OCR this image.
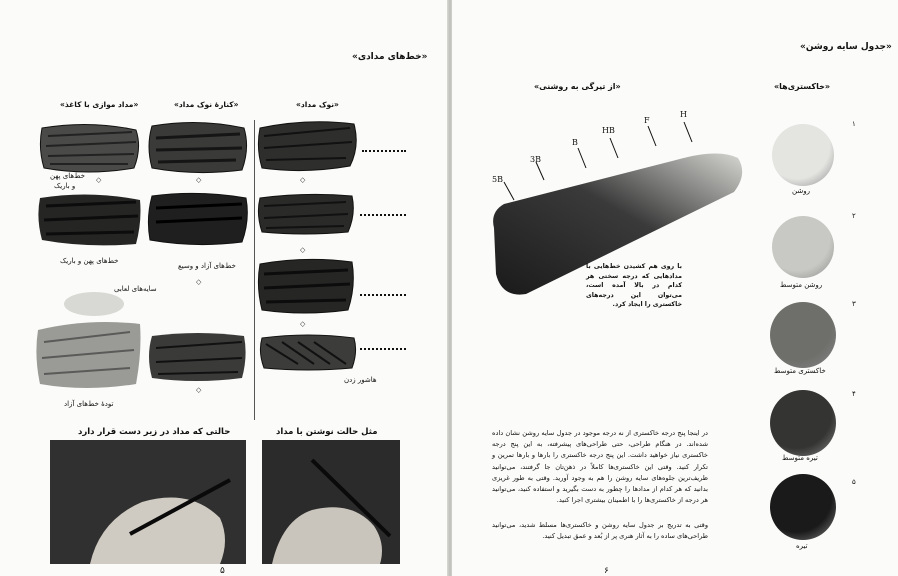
«خط‌های مدادی»
«نوک مداد»
«کنارهٔ نوک مداد»
«مداد موازی با کاغذ»
خط‌های پهن
و باریک
◇	◇	◇
خط‌های پهن و باریک
خط‌های آزاد و وسیع
◇
◇
سایه‌های لعابی
◇
هاشور زدن
◇
تودهٔ خط‌های آزاد
مثل حالت نوشتن با مداد
حالتی که مداد در زیر دست قرار دارد
۵
«جدول سایه روشن»
«خاکستری‌ها»
«از تیرگی به روشنی»
5B
3B
B
HB
F
H
با روی هم کشیدن خط‌هایی با مدادهایی که درجه سختی هر کدام در بالا آمده است، می‌توان این درجه‌های خاکستری را ایجاد کرد.
۱
روشن
۲
روشن متوسط
۳
خاکستری متوسط
۴
تیره متوسط
۵
تیره
در اینجا پنج درجه خاکستری از نه درجه موجود در جدول سایه روشن نشان داده شده‌اند. در هنگام طراحی، حتی طراحی‌های پیشرفته، به این پنج درجه خاکستری نیاز خواهید داشت. این پنج درجه خاکستری را بارها و بارها تمرین و تکرار کنید. وقتی این خاکستری‌ها کاملاً در ذهن‌تان جا گرفتند، می‌توانید ظریف‌ترین جلوه‌های سایه روشن را هم به وجود آورید. وقتی به طور غریزی بدانید که هر کدام از مدادها را چطور به دست بگیرید و استفاده کنید، می‌توانید هر درجه از خاکستری‌ها را با اطمینان بیشتری اجرا کنید.
وقتی به تدریج بر جدول سایه روشن و خاکستری‌ها مسلط شدید، می‌توانید طراحی‌های ساده را به آثار هنری پر از بُعد و عمق تبدیل کنید.
۶
